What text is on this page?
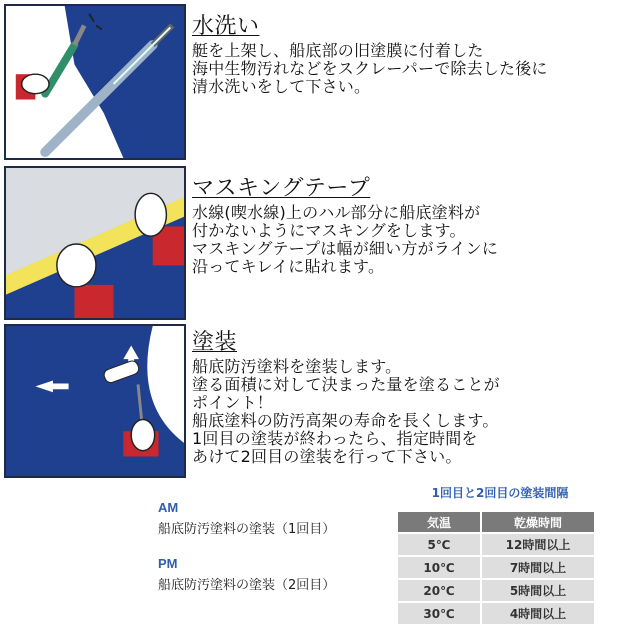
水洗い

艇を上架し、船底部の旧塗膜に付着した
海中生物汚れなどをスクレーパーで除去した後に
清水洗いをして下さい。

マスキングテープ

水線(喫水線)上のハル部分に船底塗料が
付かないようにマスキングをします。
マスキングテープは幅が細い方がラインに
沿ってキレイに貼れます。

塗装

船底防汚塗料を塗装します。
塗る面積に対して決まった量を塗ることが
ポイント！
船底塗料の防汚高架の寿命を長くします。
1回目の塗装が終わったら、指定時間を
あけて2回目の塗装を行って下さい。

AM
船底防汚塗料の塗装（1回目）
PM
船底防汚塗料の塗装（2回目）
1回目と2回目の塗装間隔
気温	乾燥時間
5℃	12時間以上
10℃	7時間以上
20℃	5時間以上
30℃	4時間以上
